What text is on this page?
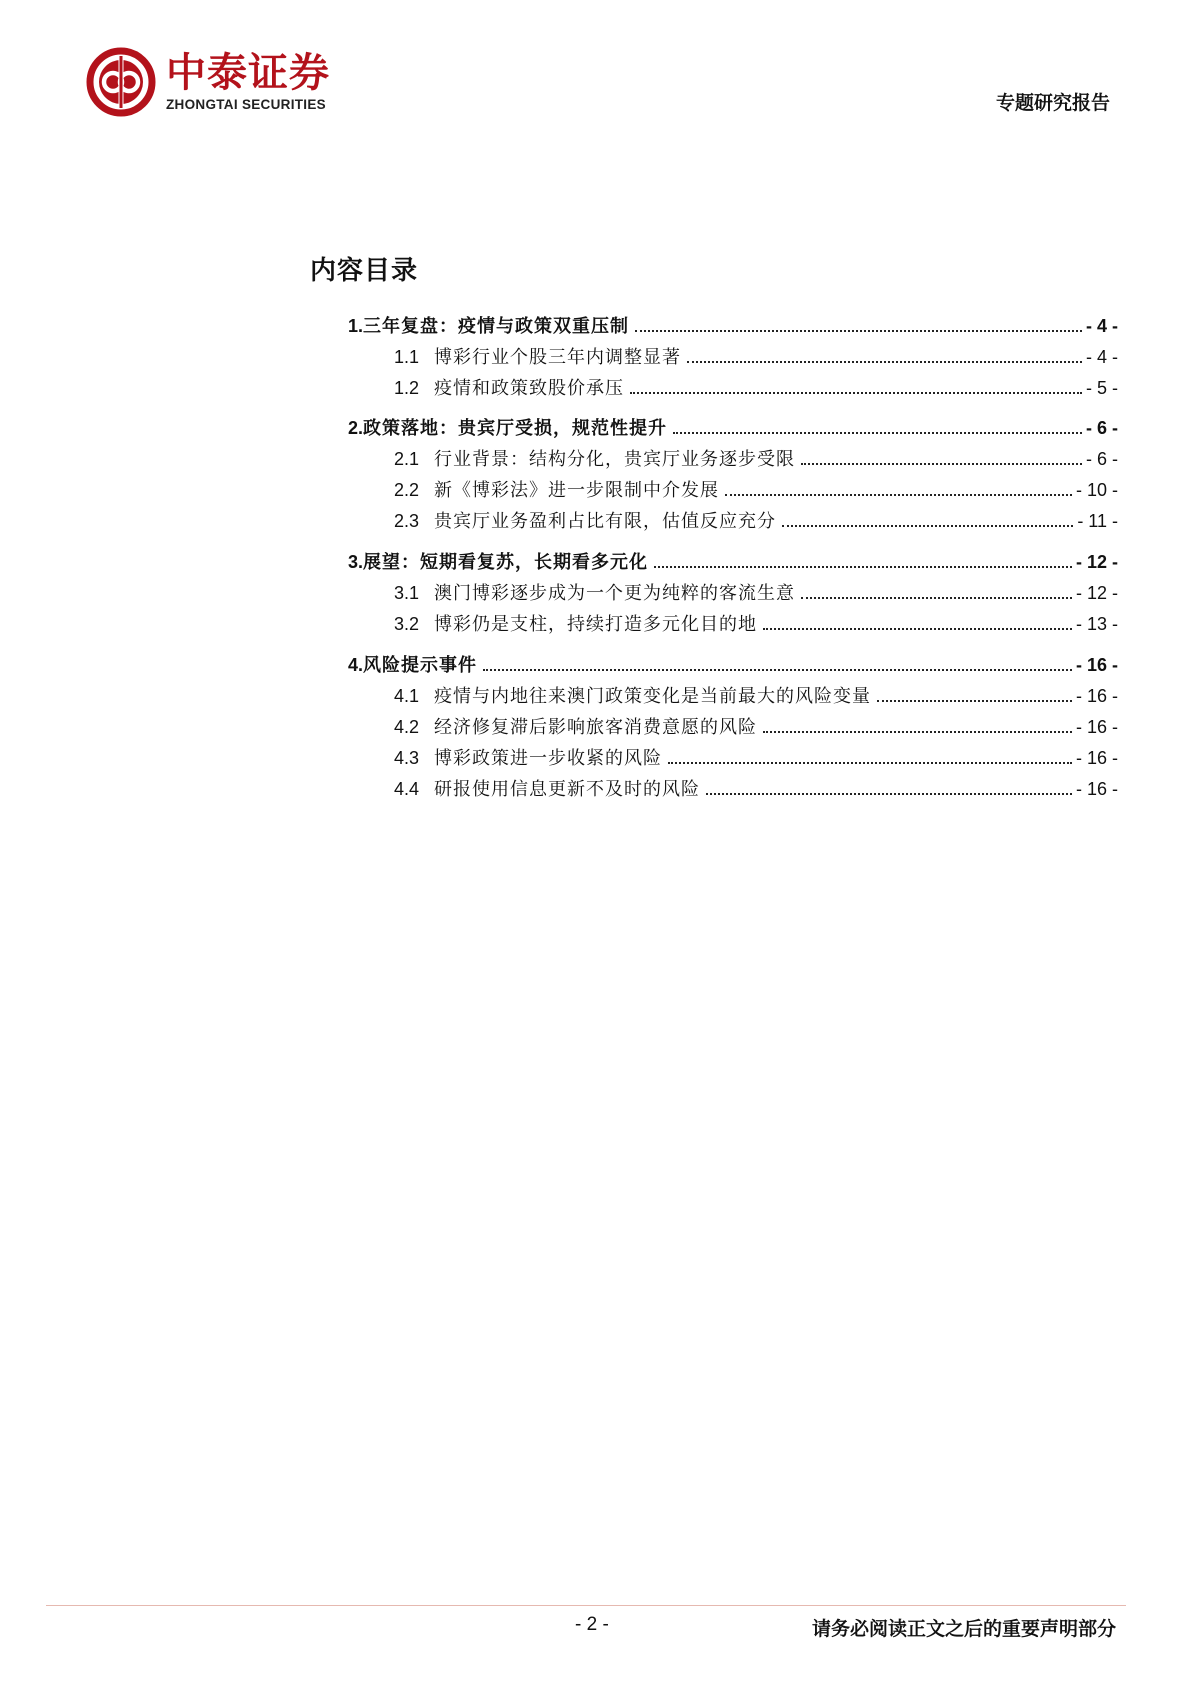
中泰证券
ZHONGTAI SECURITIES	专题研究报告
内容目录
1. 三年复盘：疫情与政策双重压制	- 4 -
1.1 博彩行业个股三年内调整显著	- 4 -
1.2 疫情和政策致股价承压	- 5 -
2. 政策落地：贵宾厅受损，规范性提升	- 6 -
2.1 行业背景：结构分化，贵宾厅业务逐步受限	- 6 -
2.2 新《博彩法》进一步限制中介发展	- 10 -
2.3 贵宾厅业务盈利占比有限，估值反应充分	- 11 -
3. 展望：短期看复苏，长期看多元化	- 12 -
3.1 澳门博彩逐步成为一个更为纯粹的客流生意	- 12 -
3.2 博彩仍是支柱，持续打造多元化目的地	- 13 -
4. 风险提示事件	- 16 -
4.1 疫情与内地往来澳门政策变化是当前最大的风险变量	- 16 -
4.2 经济修复滞后影响旅客消费意愿的风险	- 16 -
4.3 博彩政策进一步收紧的风险	- 16 -
4.4 研报使用信息更新不及时的风险	- 16 -
- 2 -	请务必阅读正文之后的重要声明部分
